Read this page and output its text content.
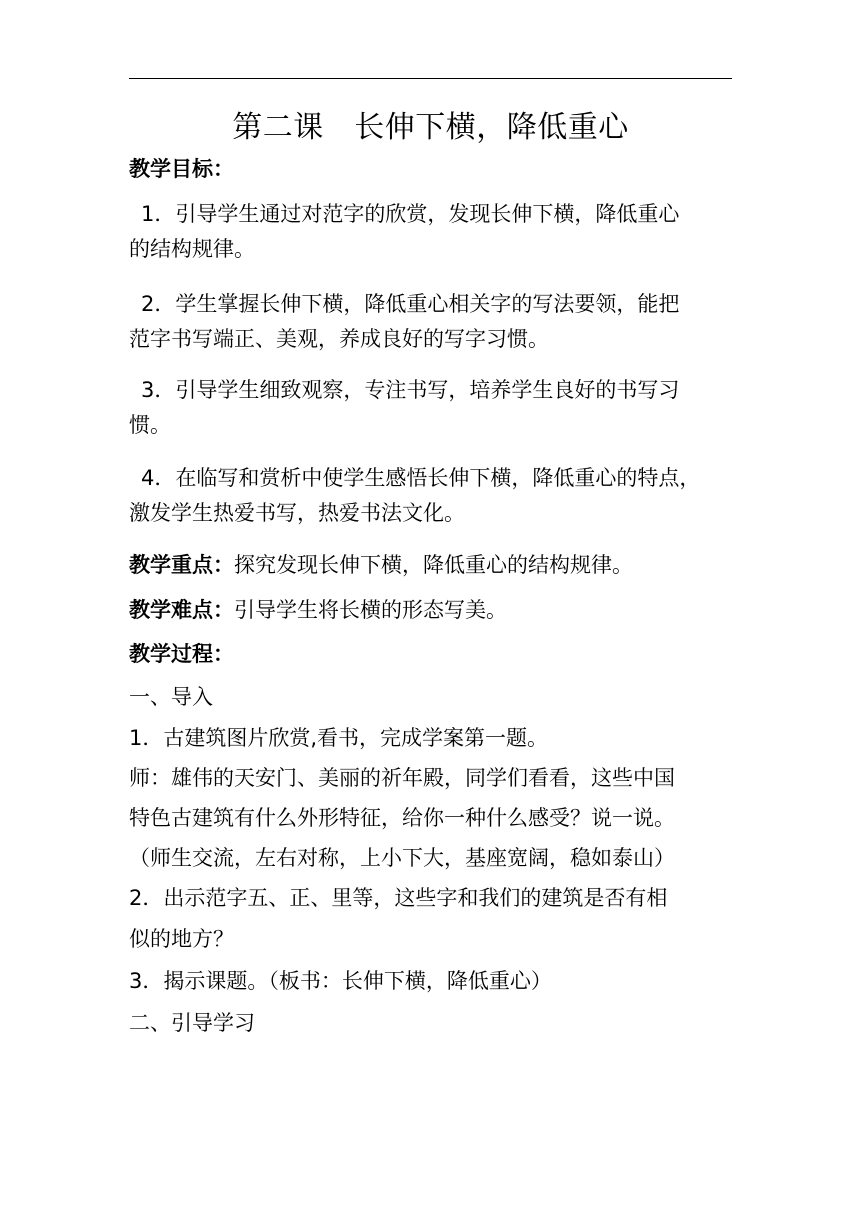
第二课　长伸下横，降低重心

教学目标：

1．引导学生通过对范字的欣赏，发现长伸下横，降低重心

的结构规律。

2．学生掌握长伸下横，降低重心相关字的写法要领，能把

范字书写端正、美观，养成良好的写字习惯。

3．引导学生细致观察，专注书写，培养学生良好的书写习

惯。

4．在临写和赏析中使学生感悟长伸下横，降低重心的特点，

激发学生热爱书写，热爱书法文化。

教学重点：探究发现长伸下横，降低重心的结构规律。

教学难点：引导学生将长横的形态写美。

教学过程：

一、导入

1．古建筑图片欣赏,看书，完成学案第一题。

师：雄伟的天安门、美丽的祈年殿，同学们看看，这些中国

特色古建筑有什么外形特征，给你一种什么感受？说一说。

（师生交流，左右对称，上小下大，基座宽阔，稳如泰山）

2．出示范字五、正、里等，这些字和我们的建筑是否有相

似的地方？

3．揭示课题。（板书：长伸下横，降低重心）

二、引导学习
